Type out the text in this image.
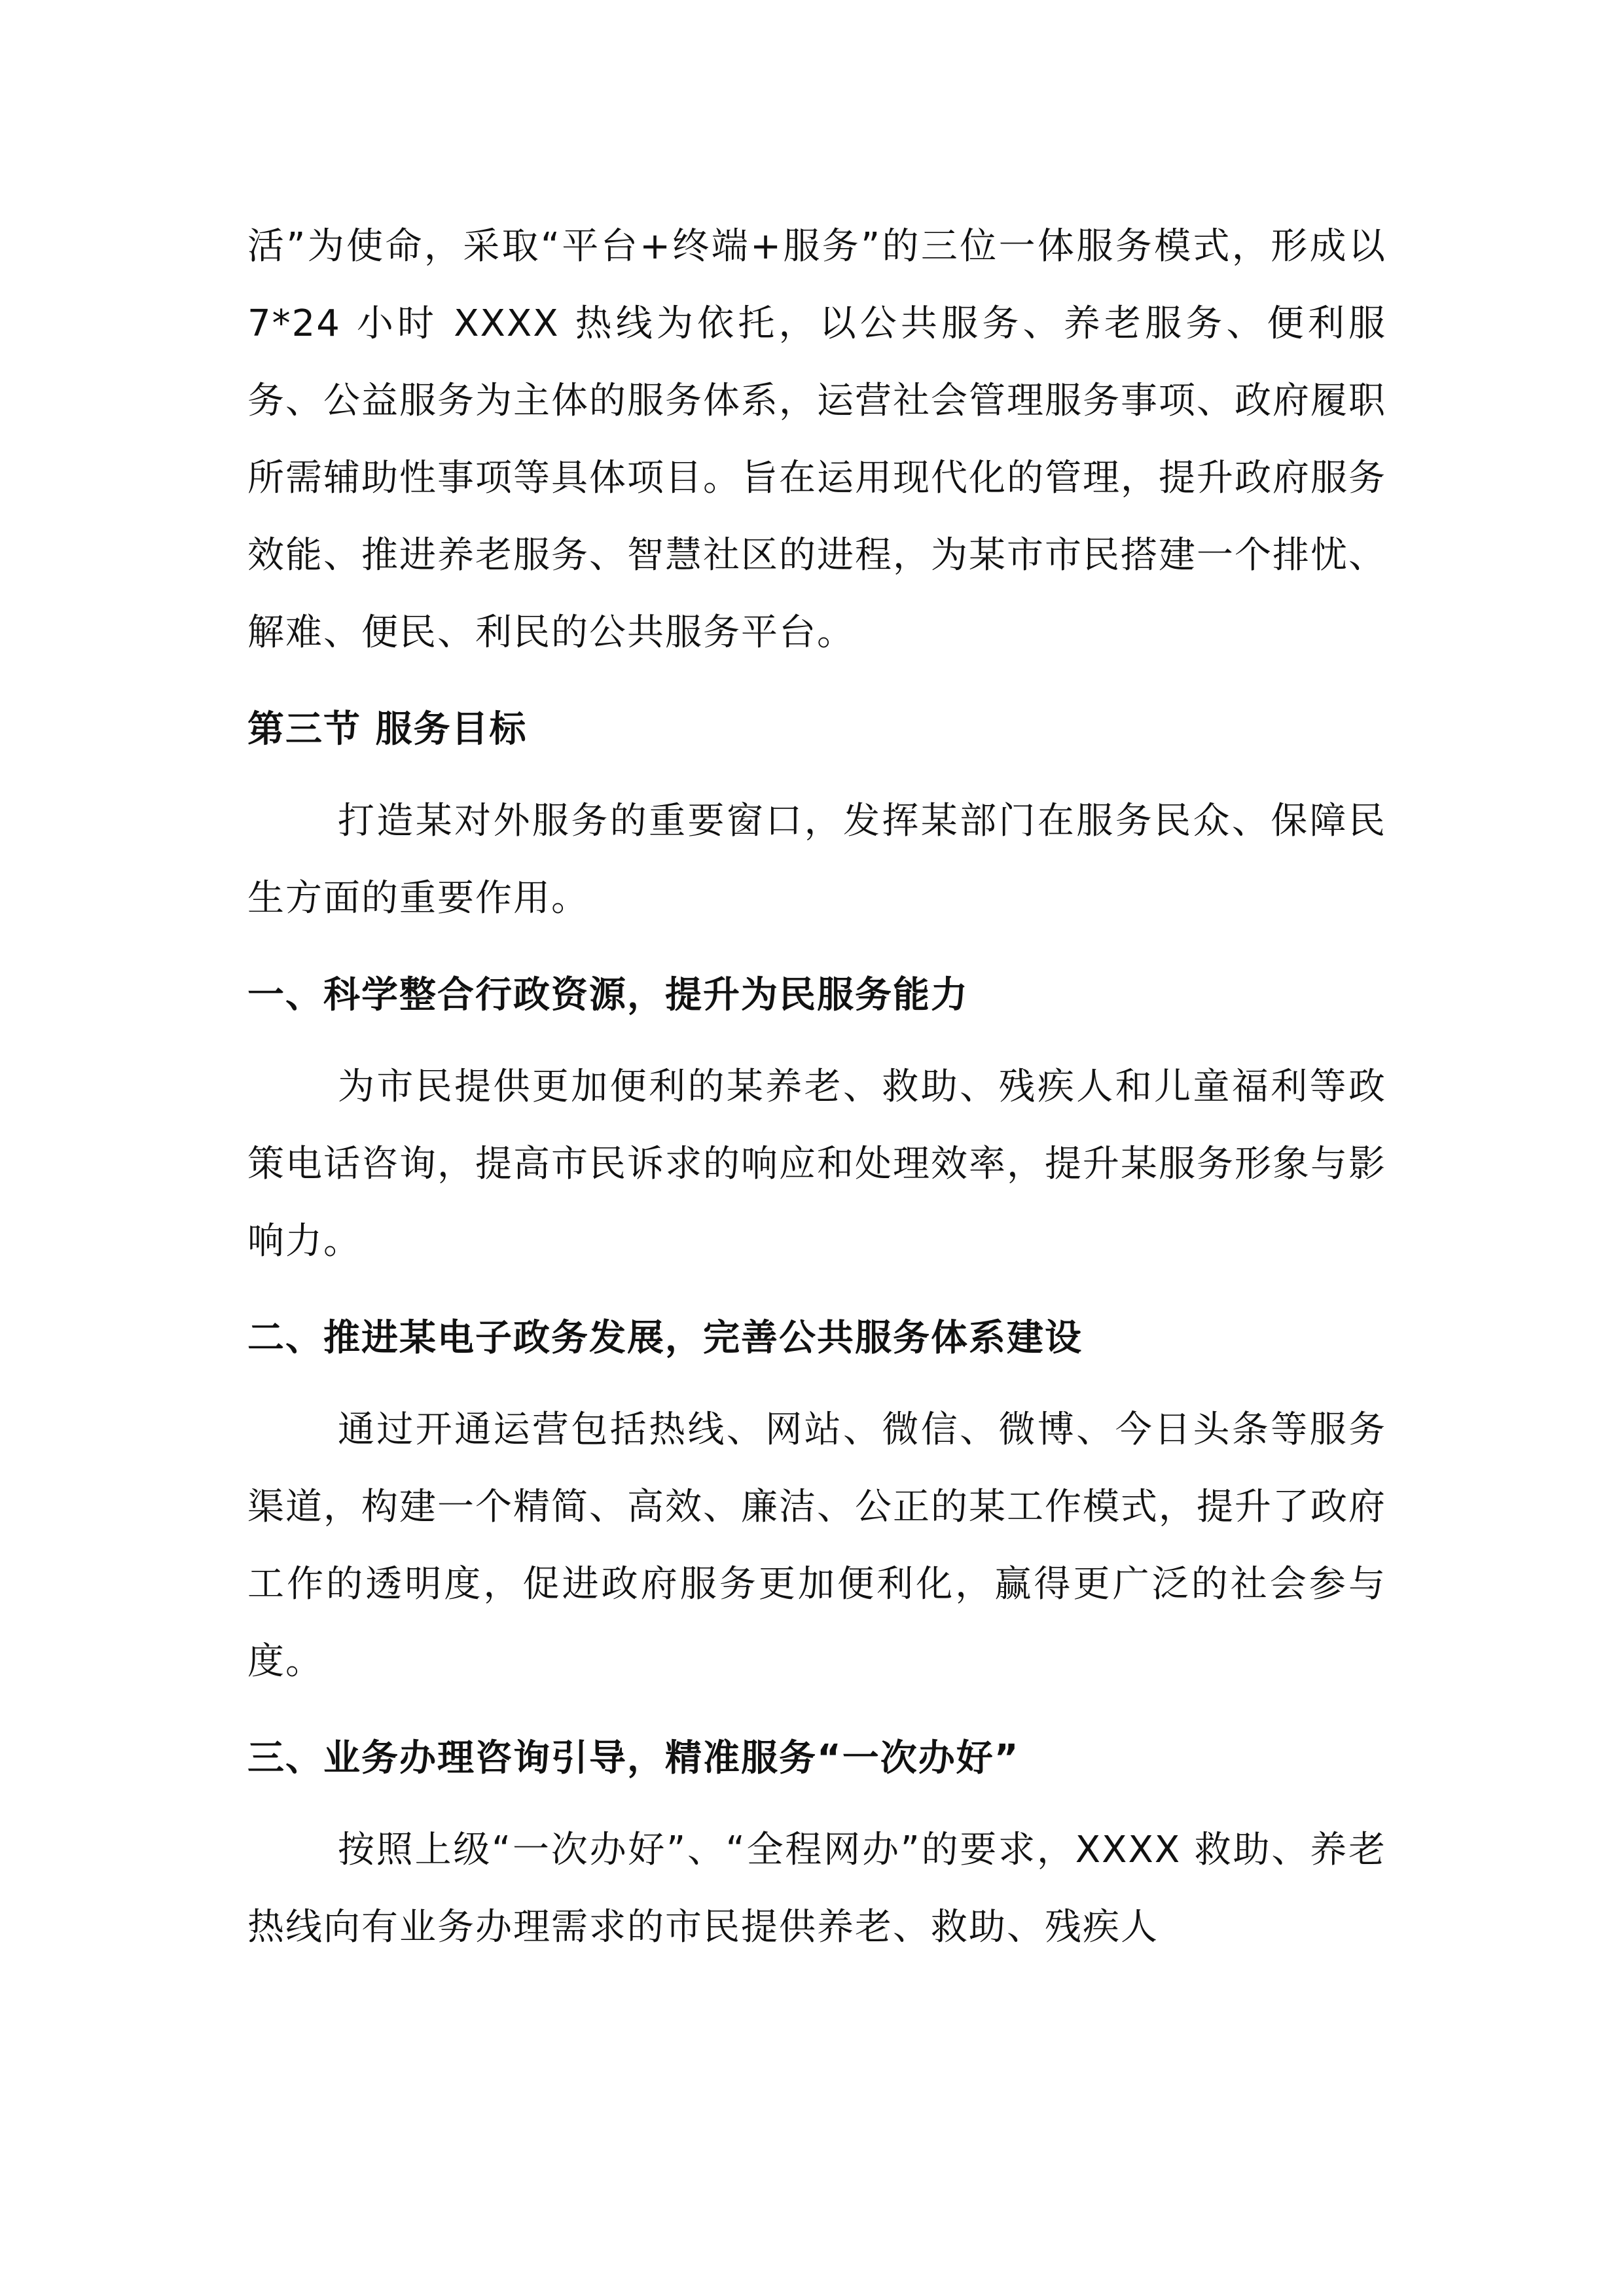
活”为使命，采取“平台+终端+服务”的三位一体服务模式，形成以 7*24 小时 XXXX 热线为依托，以公共服务、养老服务、便利服务、公益服务为主体的服务体系，运营社会管理服务事项、政府履职所需辅助性事项等具体项目。旨在运用现代化的管理，提升政府服务效能、推进养老服务、智慧社区的进程，为某市市民搭建一个排忧、解难、便民、利民的公共服务平台。

第三节 服务目标

打造某对外服务的重要窗口，发挥某部门在服务民众、保障民生方面的重要作用。

一、科学整合行政资源，提升为民服务能力

为市民提供更加便利的某养老、救助、残疾人和儿童福利等政策电话咨询，提高市民诉求的响应和处理效率，提升某服务形象与影响力。

二、推进某电子政务发展，完善公共服务体系建设

通过开通运营包括热线、网站、微信、微博、今日头条等服务渠道，构建一个精简、高效、廉洁、公正的某工作模式，提升了政府工作的透明度，促进政府服务更加便利化，赢得更广泛的社会参与度。

三、业务办理咨询引导，精准服务“一次办好”

按照上级“一次办好”、“全程网办”的要求，XXXX 救助、养老热线向有业务办理需求的市民提供养老、救助、残疾人
